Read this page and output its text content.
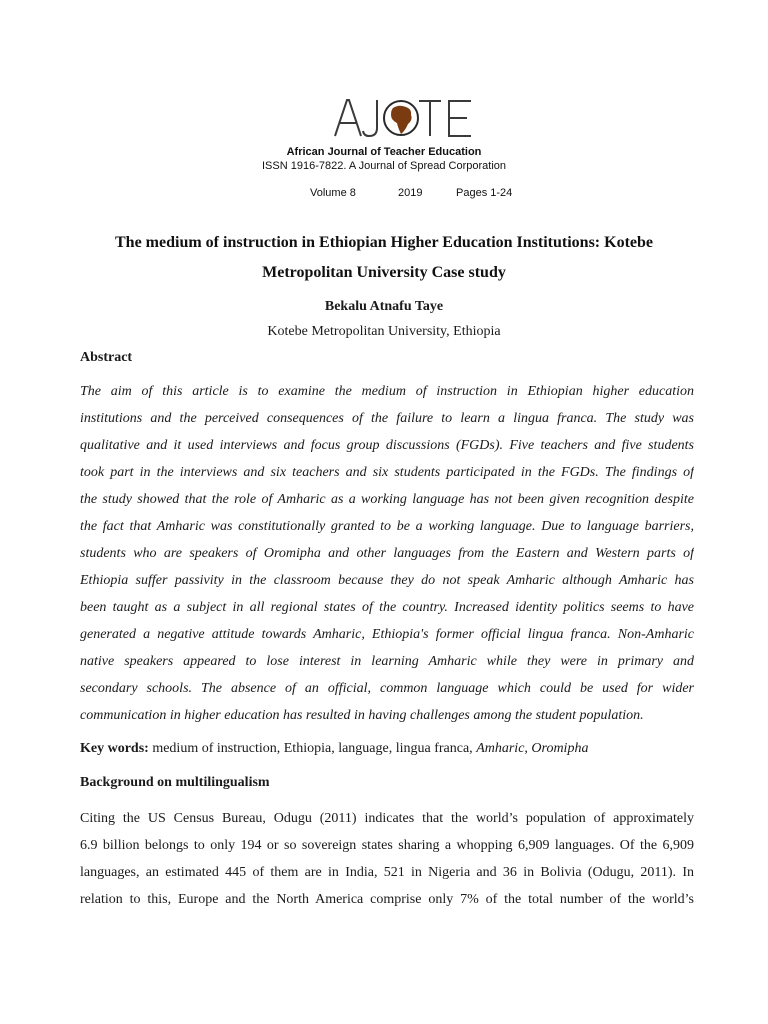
African Journal of Teacher Education
ISSN 1916-7822. A Journal of Spread Corporation
Volume 8	2019	Pages 1-24
The medium of instruction in Ethiopian Higher Education Institutions: Kotebe
Metropolitan University Case study
Bekalu Atnafu Taye
Kotebe Metropolitan University, Ethiopia
Abstract
The aim of this article is to examine the medium of instruction in Ethiopian higher education
institutions and the perceived consequences of the failure to learn a lingua franca. The study was
qualitative and it used interviews and focus group discussions (FGDs). Five teachers and five students
took part in the interviews and six teachers and six students participated in the FGDs. The findings of
the study showed that the role of Amharic as a working language has not been given recognition despite
the fact that Amharic was constitutionally granted to be a working language. Due to language barriers,
students who are speakers of Oromipha and other languages from the Eastern and Western parts of
Ethiopia suffer passivity in the classroom because they do not speak Amharic although Amharic has
been taught as a subject in all regional states of the country. Increased identity politics seems to have
generated a negative attitude towards Amharic, Ethiopia's former official lingua franca. Non-Amharic
native speakers appeared to lose interest in learning Amharic while they were in primary and
secondary schools. The absence of an official, common language which could be used for wider
communication in higher education has resulted in having challenges among the student population.
Key words: medium of instruction, Ethiopia, language, lingua franca, Amharic, Oromipha
Background on multilingualism
Citing the US Census Bureau, Odugu (2011) indicates that the world’s population of approximately
6.9 billion belongs to only 194 or so sovereign states sharing a whopping 6,909 languages. Of the 6,909
languages, an estimated 445 of them are in India, 521 in Nigeria and 36 in Bolivia (Odugu, 2011). In
relation to this, Europe and the North America comprise only 7% of the total number of the world’s
